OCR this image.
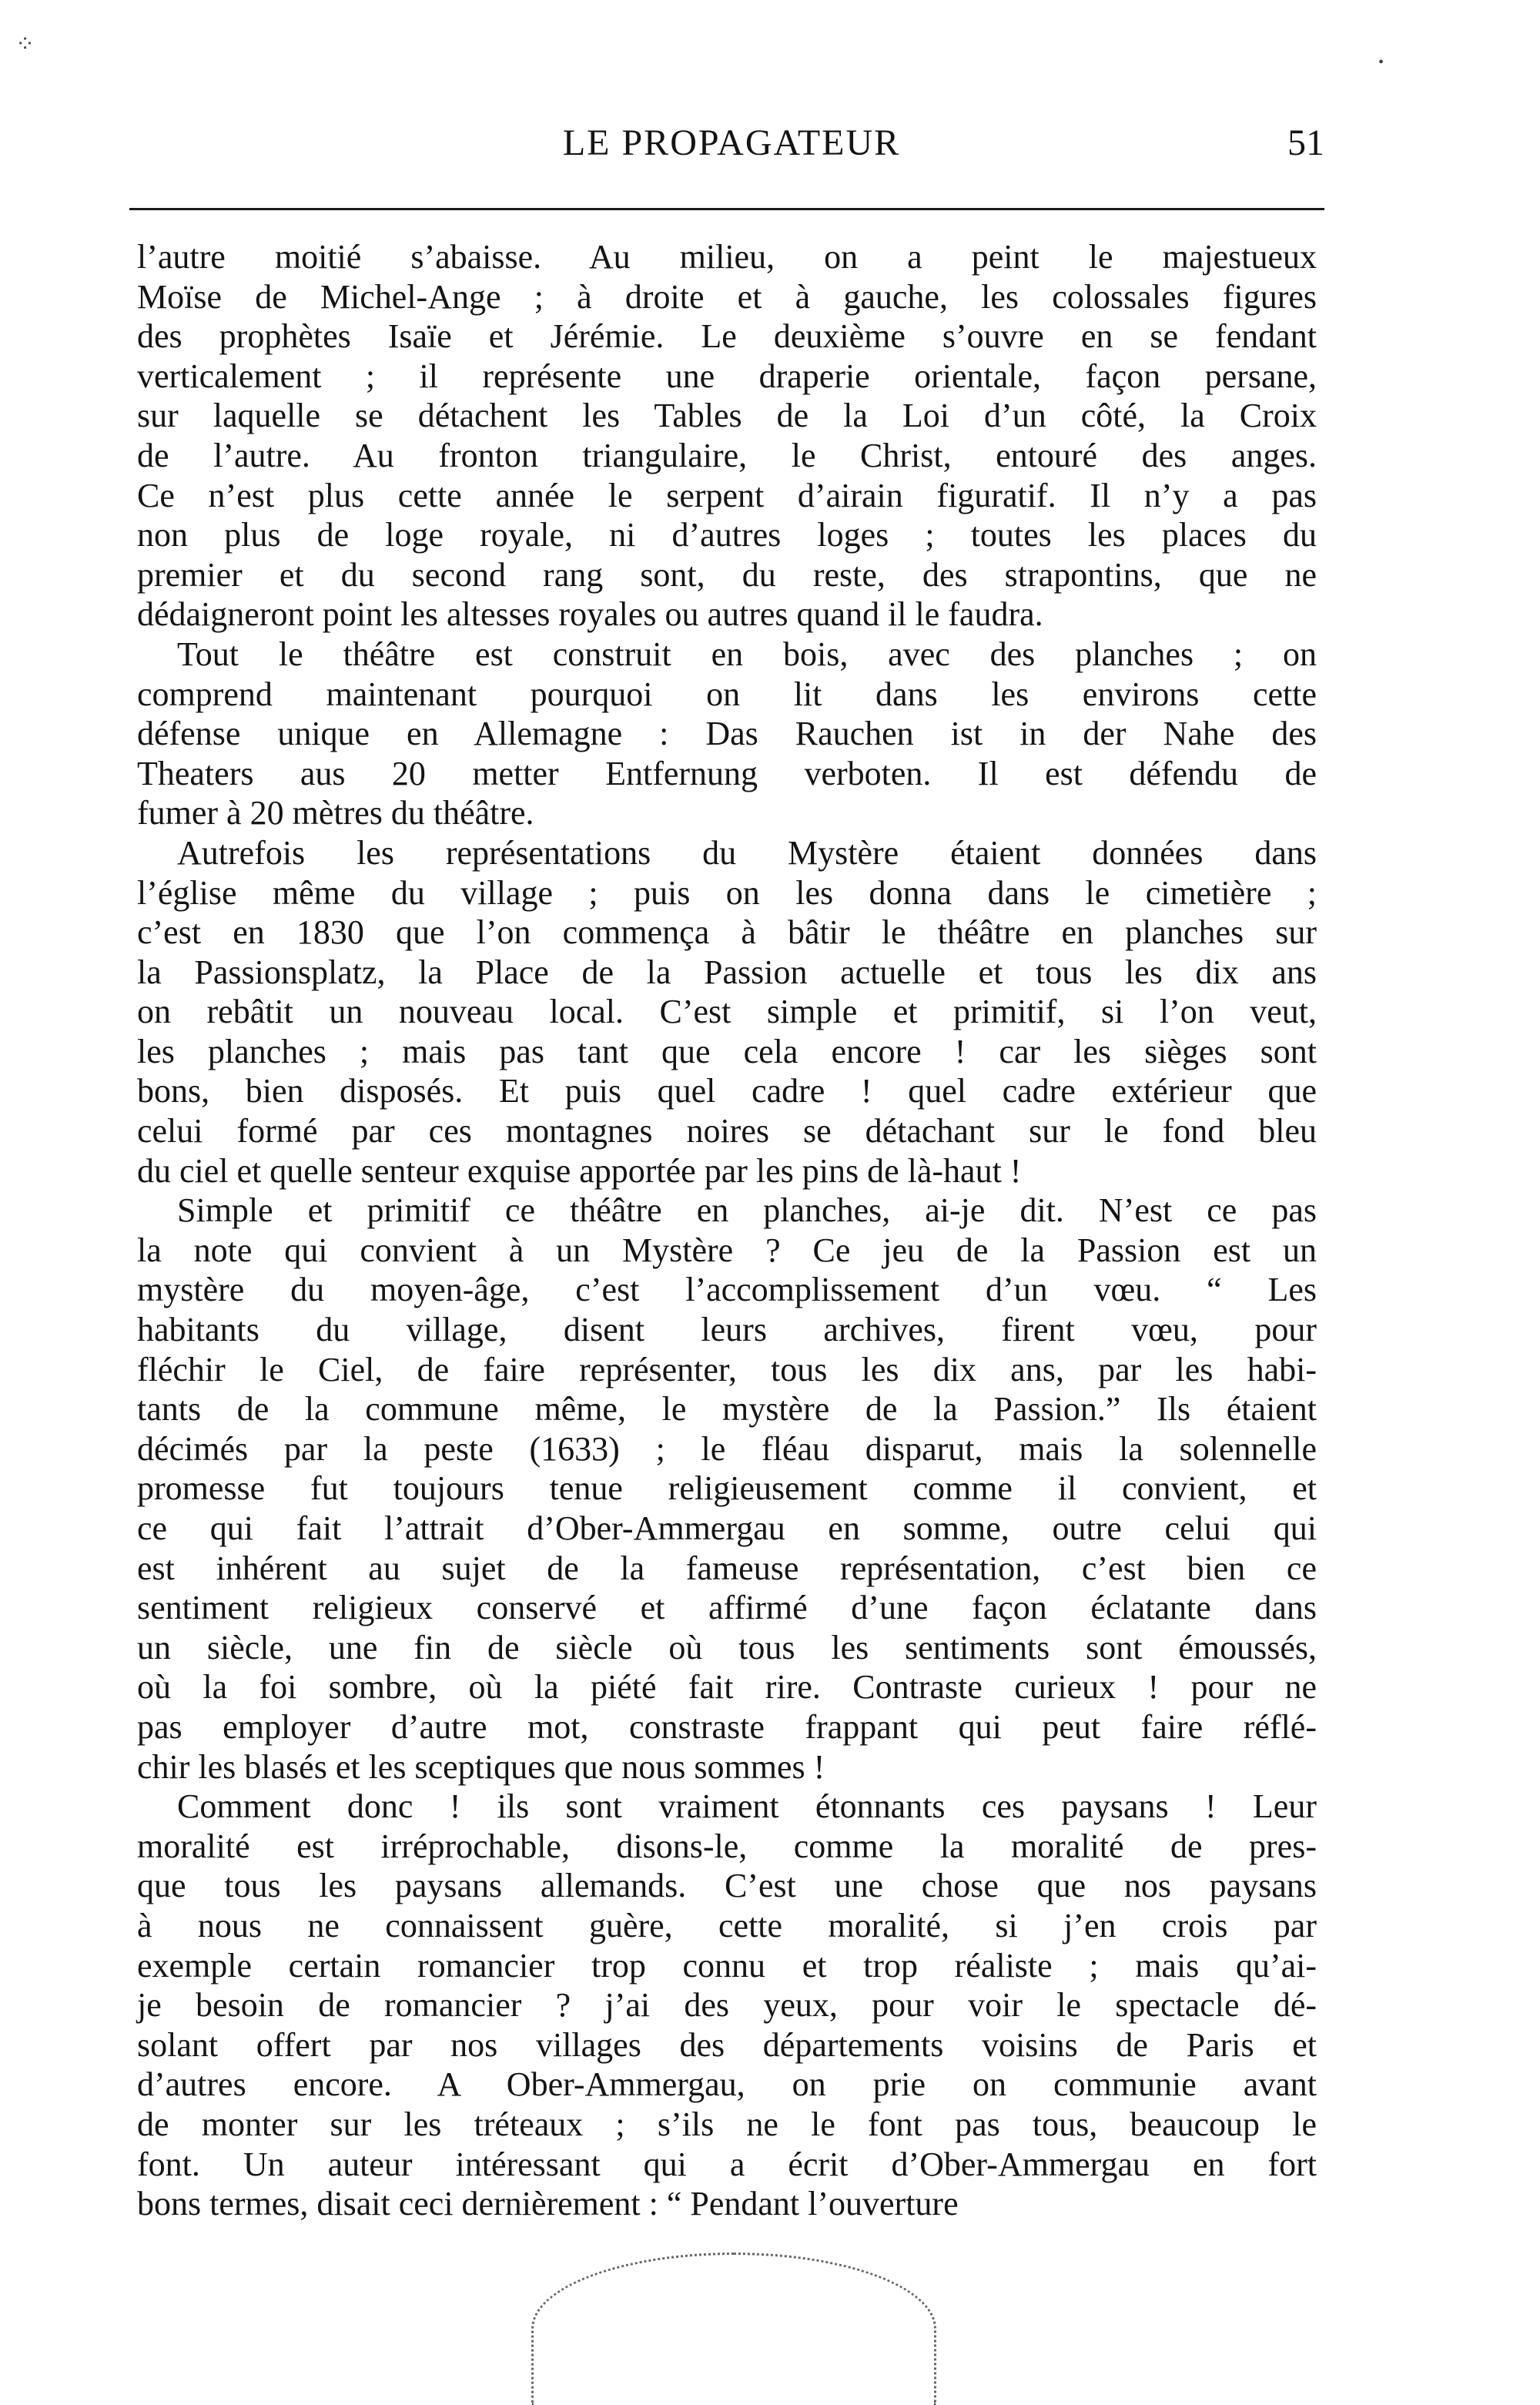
LE PROPAGATEUR	51
l’autre moitié s’abaisse. Au milieu, on a peint le majestueux
Moïse de Michel-Ange ; à droite et à gauche, les colossales figures
des prophètes Isaïe et Jérémie. Le deuxième s’ouvre en se fendant
verticalement ; il représente une draperie orientale, façon persane,
sur laquelle se détachent les Tables de la Loi d’un côté, la Croix
de l’autre. Au fronton triangulaire, le Christ, entouré des anges.
Ce n’est plus cette année le serpent d’airain figuratif. Il n’y a pas
non plus de loge royale, ni d’autres loges ; toutes les places du
premier et du second rang sont, du reste, des strapontins, que ne
dédaigneront point les altesses royales ou autres quand il le faudra.
Tout le théâtre est construit en bois, avec des planches ; on
comprend maintenant pourquoi on lit dans les environs cette
défense unique en Allemagne : Das Rauchen ist in der Nahe des
Theaters aus 20 metter Entfernung verboten. Il est défendu de
fumer à 20 mètres du théâtre.
Autrefois les représentations du Mystère étaient données dans
l’église même du village ; puis on les donna dans le cimetière ;
c’est en 1830 que l’on commença à bâtir le théâtre en planches sur
la Passionsplatz, la Place de la Passion actuelle et tous les dix ans
on rebâtit un nouveau local. C’est simple et primitif, si l’on veut,
les planches ; mais pas tant que cela encore ! car les sièges sont
bons, bien disposés. Et puis quel cadre ! quel cadre extérieur que
celui formé par ces montagnes noires se détachant sur le fond bleu
du ciel et quelle senteur exquise apportée par les pins de là-haut !
Simple et primitif ce théâtre en planches, ai-je dit. N’est ce pas
la note qui convient à un Mystère ? Ce jeu de la Passion est un
mystère du moyen-âge, c’est l’accomplissement d’un vœu. “ Les
habitants du village, disent leurs archives, firent vœu, pour
fléchir le Ciel, de faire représenter, tous les dix ans, par les habi-
tants de la commune même, le mystère de la Passion.” Ils étaient
décimés par la peste (1633) ; le fléau disparut, mais la solennelle
promesse fut toujours tenue religieusement comme il convient, et
ce qui fait l’attrait d’Ober-Ammergau en somme, outre celui qui
est inhérent au sujet de la fameuse représentation, c’est bien ce
sentiment religieux conservé et affirmé d’une façon éclatante dans
un siècle, une fin de siècle où tous les sentiments sont émoussés,
où la foi sombre, où la piété fait rire. Contraste curieux ! pour ne
pas employer d’autre mot, constraste frappant qui peut faire réflé-
chir les blasés et les sceptiques que nous sommes !
Comment donc ! ils sont vraiment étonnants ces paysans ! Leur
moralité est irréprochable, disons-le, comme la moralité de pres-
que tous les paysans allemands. C’est une chose que nos paysans
à nous ne connaissent guère, cette moralité, si j’en crois par
exemple certain romancier trop connu et trop réaliste ; mais qu’ai-
je besoin de romancier ? j’ai des yeux, pour voir le spectacle dé-
solant offert par nos villages des départements voisins de Paris et
d’autres encore. A Ober-Ammergau, on prie on communie avant
de monter sur les tréteaux ; s’ils ne le font pas tous, beaucoup le
font. Un auteur intéressant qui a écrit d’Ober-Ammergau en fort
bons termes, disait ceci dernièrement : “ Pendant l’ouverture
⁘
•
